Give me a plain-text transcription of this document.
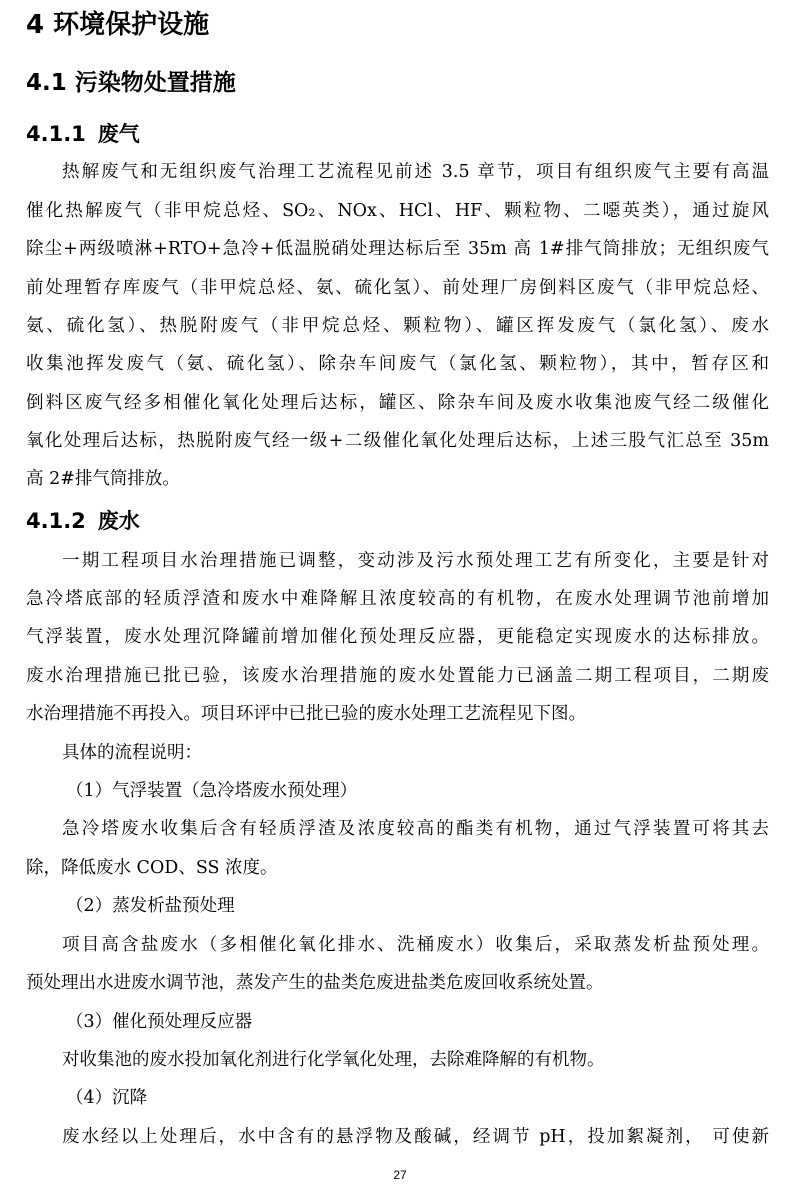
4 环境保护设施
4.1 污染物处置措施
4.1.1 废气

热解废气和无组织废气治理工艺流程见前述 3.5 章节，项目有组织废气主要有高温

催化热解废气（非甲烷总烃、SO₂、NOx、HCl、HF、颗粒物、二噁英类），通过旋风

除尘+两级喷淋+RTO+急冷+低温脱硝处理达标后至 35m 高 1#排气筒排放；无组织废气

前处理暂存库废气（非甲烷总烃、氨、硫化氢）、前处理厂房倒料区废气（非甲烷总烃、

氨、硫化氢）、热脱附废气（非甲烷总烃、颗粒物）、罐区挥发废气（氯化氢）、废水

收集池挥发废气（氨、硫化氢）、除杂车间废气（氯化氢、颗粒物），其中，暂存区和

倒料区废气经多相催化氧化处理后达标，罐区、除杂车间及废水收集池废气经二级催化

氧化处理后达标，热脱附废气经一级+二级催化氧化处理后达标，上述三股气汇总至 35m

高 2#排气筒排放。

4.1.2 废水

一期工程项目水治理措施已调整，变动涉及污水预处理工艺有所变化，主要是针对

急冷塔底部的轻质浮渣和废水中难降解且浓度较高的有机物，在废水处理调节池前增加

气浮装置，废水处理沉降罐前增加催化预处理反应器，更能稳定实现废水的达标排放。

废水治理措施已批已验，该废水治理措施的废水处置能力已涵盖二期工程项目，二期废

水治理措施不再投入。项目环评中已批已验的废水处理工艺流程见下图。

具体的流程说明：

（1）气浮装置（急冷塔废水预处理）

急冷塔废水收集后含有轻质浮渣及浓度较高的酯类有机物，通过气浮装置可将其去

除，降低废水 COD、SS 浓度。

（2）蒸发析盐预处理

项目高含盐废水（多相催化氧化排水、洗桶废水）收集后，采取蒸发析盐预处理。

预处理出水进废水调节池，蒸发产生的盐类危废进盐类危废回收系统处置。

（3）催化预处理反应器

对收集池的废水投加氧化剂进行化学氧化处理，去除难降解的有机物。

（4）沉降

废水经以上处理后，水中含有的悬浮物及酸碱，经调节 pH，投加絮凝剂， 可使新

27
